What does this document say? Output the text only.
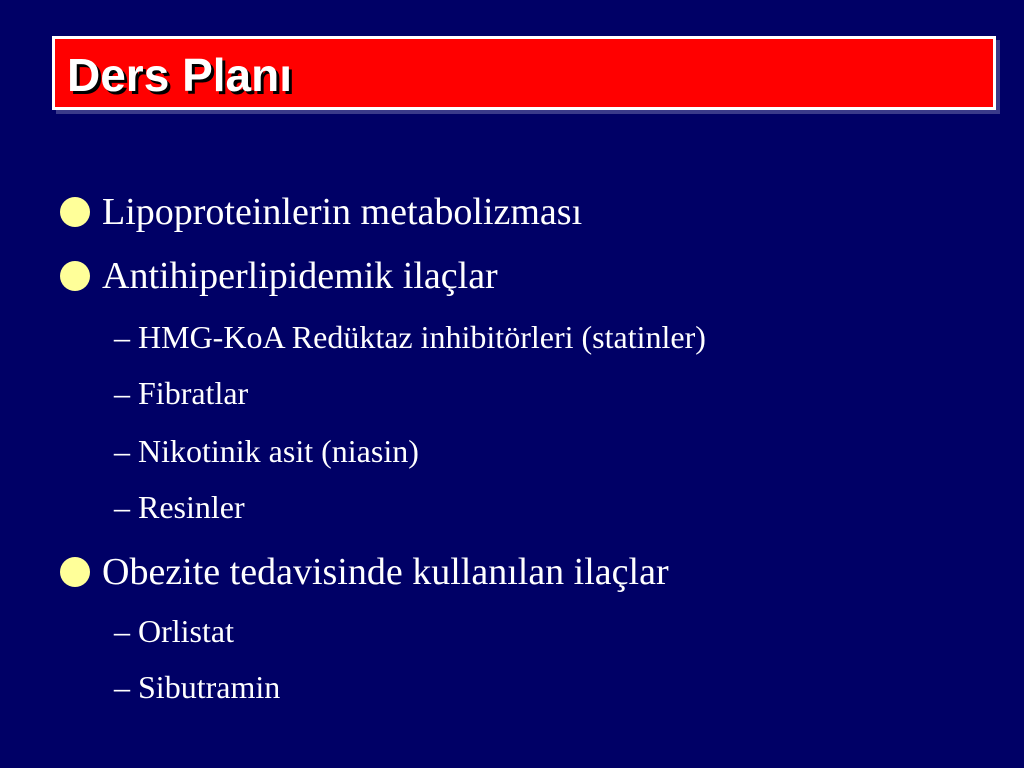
Ders Planı
Lipoproteinlerin metabolizması
Antihiperlipidemik ilaçlar
– HMG-KoA Redüktaz inhibitörleri (statinler)
– Fibratlar
– Nikotinik asit (niasin)
– Resinler
Obezite tedavisinde kullanılan ilaçlar
– Orlistat
– Sibutramin
